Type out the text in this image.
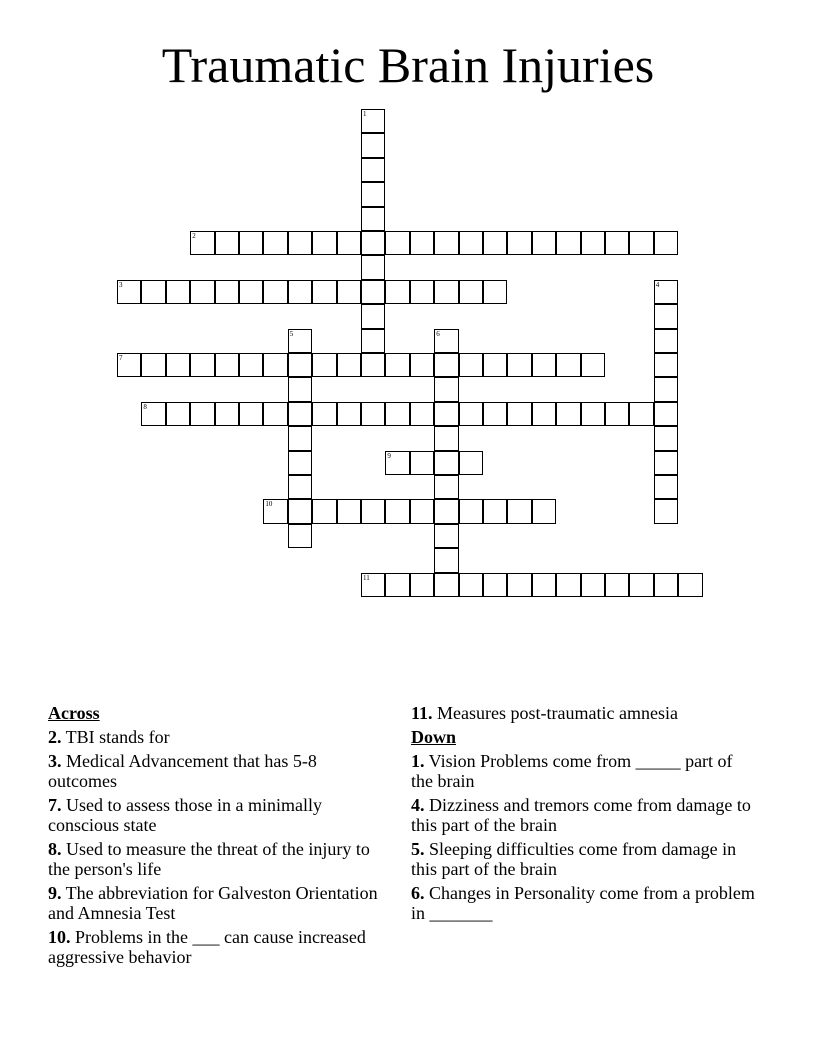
Traumatic Brain Injuries
1
2
3	4
5	6
7
8
9
10
11
Across
2. TBI stands for
3. Medical Advancement that has 5-8 outcomes
7. Used to assess those in a minimally conscious state
8. Used to measure the threat of the injury to the person's life
9. The abbreviation for Galveston Orientation and Amnesia Test
10. Problems in the ___ can cause increased aggressive behavior
11. Measures post-traumatic amnesia
Down
1. Vision Problems come from _____ part of the brain
4. Dizziness and tremors come from damage to this part of the brain
5. Sleeping difficulties come from damage in this part of the brain
6. Changes in Personality come from a problem in _______
